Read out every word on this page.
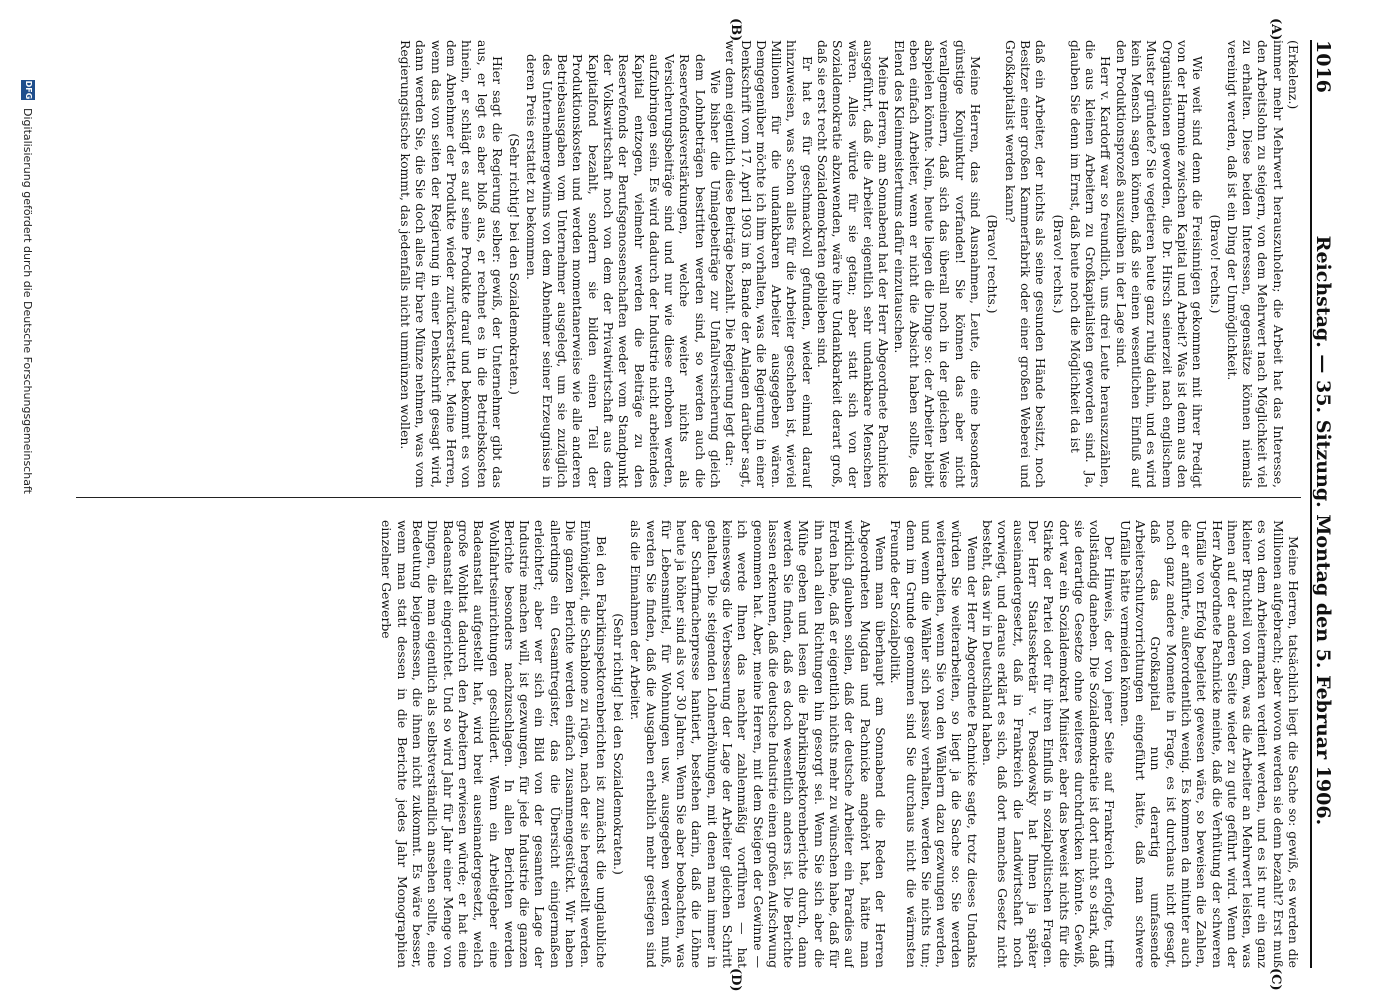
1016
Reichstag. — 35. Sitzung. Montag den 5. Februar 1906.
(A)
(B)
(C)
(D)

(Erkelenz.)

immer mehr Mehrwert herauszuholen; die Arbeit hat das Interesse, den Arbeitslohn zu steigern, von dem Mehrwert nach Möglichkeit viel zu erhalten. Diese beiden Interessen, gegensätze können niemals vereinigt werden, daß ist ein Ding der Unmöglichkeit.

(Bravo! rechts.)

Wie weit sind denn die Freisinnigen gekommen mit ihrer Predigt von der Harmonie zwischen Kapital und Arbeit? Was ist denn aus den Organisationen geworden, die Dr. Hirsch seinerzeit nach englischem Muster gründete? Sie vegetieren heute ganz ruhig dahin, und es wird kein Mensch sagen können, daß sie einen wesentlichen Einfluß auf den Produktionsprozeß auszuüben in der Lage sind.

Herr v. Kardorff war so freundlich, uns drei Leute herauszuzählen, die aus kleinen Arbeitern zu Großkapitalisten geworden sind. Ja, glauben Sie denn im Ernst, daß heute noch die Möglichkeit da ist

(Bravo! rechts.)

daß ein Arbeiter, der nichts als seine gesunden Hände besitzt, noch Besitzer einer großen Kammerfabrik oder einer großen Weberei und Großkapitalist werden kann?

(Bravo! rechts.)

Meine Herren, das sind Ausnahmen, Leute, die eine besonders günstige Konjunktur vorfanden! Sie können das aber nicht verallgemeinern, daß sich das überall noch in der gleichen Weise abspielen könnte. Nein, heute liegen die Dinge so: der Arbeiter bleibt eben einfach Arbeiter, wenn er nicht die Absicht haben sollte, das Elend des Kleinmeistertums dafür einzutauschen.

Meine Herren, am Sonnabend hat der Herr Abgeordnete Pachnicke ausgeführt, daß die Arbeiter eigentlich sehr undankbare Menschen wären. Alles würde für sie getan; aber statt sich von der Sozialdemokratie abzuwenden, wäre ihre Undankbarkeit derart groß, daß sie erst recht Sozialdemokraten geblieben sind.

Er hat es für geschmackvoll gefunden, wieder einmal darauf hinzuweisen, was schon alles für die Arbeiter geschehen ist, wieviel Millionen für die undankbaren Arbeiter ausgegeben wären. Demgegenüber möchte ich ihm vorhalten, was die Regierung in einer Denkschrift vom 17. April 1903 im 8. Bande der Anlagen darüber sagt, wer denn eigentlich diese Beiträge bezahlt. Die Regierung legt dar:

Wie bisher die Umlagebeiträge zur Unfallversicherung gleich dem Lohnbeträgen bestritten werden sind, so werden auch die Reservefondsverstärkungen, welche weiter nichts als Versicherungsbeiträge sind und nur wie diese erhoben werden, aufzubringen sein. Es wird dadurch der Industrie nicht arbeitendes Kapital entzogen, vielmehr werden die Beiträge zu den Reservefonds der Berufsgenossenschaften weder vom Standpunkt der Volkswirtschaft noch von dem der Privatwirtschaft aus dem Kapitalfond bezahlt, sondern sie bilden einen Teil der Produktionskosten und werden momentanerweise wie alle anderen Betriebsausgaben vom Unternehmer ausgelegt, um sie zuzüglich des Unternehmergewinns von dem Abnehmer seiner Erzeugnisse in deren Preis erstattet zu bekommen.

(Sehr richtig! bei den Sozialdemokraten.)

Hier sagt die Regierung selber: gewiß, der Unternehmer gibt das aus, er legt es aber bloß aus, er rechnet es in die Betriebskosten hinein, er schlägt es auf seine Produkte drauf und bekommt es von dem Abnehmer der Produkte wieder zurückerstattet. Meine Herren, wenn das von seiten der Regierung in einer Denkschrift gesagt wird, dann werden Sie, die Sie doch alles für bare Münze nehmen, was vom Regierungstische kommt, das jedenfalls nicht ummünzen wollen.

Meine Herren, tatsächlich liegt die Sache so: gewiß, es werden die Millionen aufgebracht; aber wovon werden sie denn bezahlt? Erst muß es von dem Arbeitermarken verdient werden, und es ist nur ein ganz kleiner Bruchteil von dem, was die Arbeiter an Mehrwert leisten, was ihnen auf der anderen Seite wieder zu gute geführt wird. Wenn der Herr Abgeordnete Pachnicke meinte, daß die Verhütung der schweren Unfälle von Erfolg begleitet gewesen wäre, so beweisen die Zahlen, die er anführte, außerordentlich wenig. Es kommen da mitunter auch noch ganz andere Momente in Frage, es ist durchaus nicht gesagt, daß das Großkapital nun derartig umfassende Arbeiterschutzvorrichtungen eingeführt hätte, daß man schwere Unfälle hätte vermeiden können.

Der Hinweis, der von jener Seite auf Frankreich erfolgte, trifft vollständig daneben. Die Sozialdemokratie ist dort nicht so stark, daß sie derartige Gesetze ohne weiteres durchdrücken könnte. Gewiß, dort war ein Sozialdemokrat Minister, aber das beweist nichts für die Stärke der Partei oder für ihren Einfluß in sozialpolitischen Fragen. Der Herr Staatssekretär v. Posadowsky hat Ihnen ja später auseinandergesetzt, daß in Frankreich die Landwirtschaft noch vorwiegt, und daraus erklärt es sich, daß dort manches Gesetz nicht besteht, das wir in Deutschland haben.

Wenn der Herr Abgeordnete Pachnicke sagte, trotz dieses Undanks würden Sie weiterarbeiten, so liegt ja die Sache so: Sie werden weiterarbeiten, wenn Sie von den Wählern dazu gezwungen werden, und wenn die Wähler sich passiv verhalten, werden Sie nichts tun; denn im Grunde genommen sind Sie durchaus nicht die wärmsten Freunde der Sozialpolitik.

Wenn man überhaupt am Sonnabend die Reden der Herren Abgeordneten Mugdan und Pachnicke angehört hat, hätte man wirklich glauben sollen, daß der deutsche Arbeiter ein Paradies auf Erden habe, daß er eigentlich nichts mehr zu wünschen habe, daß für ihn nach allen Richtungen hin gesorgt sei. Wenn Sie sich aber die Mühe geben und lesen die Fabrikinspektorenberichte durch, dann werden Sie finden, daß es doch wesentlich anders ist. Die Berichte lassen erkennen, daß die deutsche Industrie einen großen Aufschwung genommen hat. Aber, meine Herren, mit dem Steigen der Gewinne — ich werde Ihnen das nachher zahlenmäßig vorführen — hat keineswegs die Verbesserung der Lage der Arbeiter gleichen Schritt gehalten. Die steigenden Lohnerhöhungen, mit denen man immer in der Scharfmacherpresse hantiert, bestehen darin, daß die Löhne heute ja höher sind als vor 30 Jahren. Wenn Sie aber beobachten, was für Lebensmittel, für Wohnungen usw. ausgegeben werden muß, werden Sie finden, daß die Ausgaben erheblich mehr gestiegen sind als die Einnahmen der Arbeiter.

(Sehr richtig! bei den Sozialdemokraten.)

Bei den Fabrikinspektorenberichten ist zunächst die unglaubliche Eintönigkeit, die Schablone zu rügen, nach der sie hergestellt werden. Die ganzen Berichte werden einfach zusammengestückt. Wir haben allerdings ein Gesamtregister, das die Übersicht einigermaßen erleichtert; aber wer sich ein Bild von der gesamten Lage der Industrie machen will, ist gezwungen, für jede Industrie die ganzen Berichte besonders nachzuschlagen. In allen Berichten werden Wohlfahrtseinrichtungen geschildert. Wenn ein Arbeitgeber eine Badeanstalt aufgestellt hat, wird breit auseinandergesetzt, welch große Wohltat dadurch den Arbeitern erwiesen würde; er hat eine Badeanstalt eingerichtet. Und so wird Jahr für Jahr einer Menge von Dingen, die man eigentlich als selbstverständlich ansehen sollte, eine Bedeutung beigemessen, die ihnen nicht zukommt. Es wäre besser, wenn man statt dessen in die Berichte jedes Jahr Monographien einzelner Gewerbe

DFG
Digitalisierung gefördert durch die Deutsche Forschungsgemeinschaft
